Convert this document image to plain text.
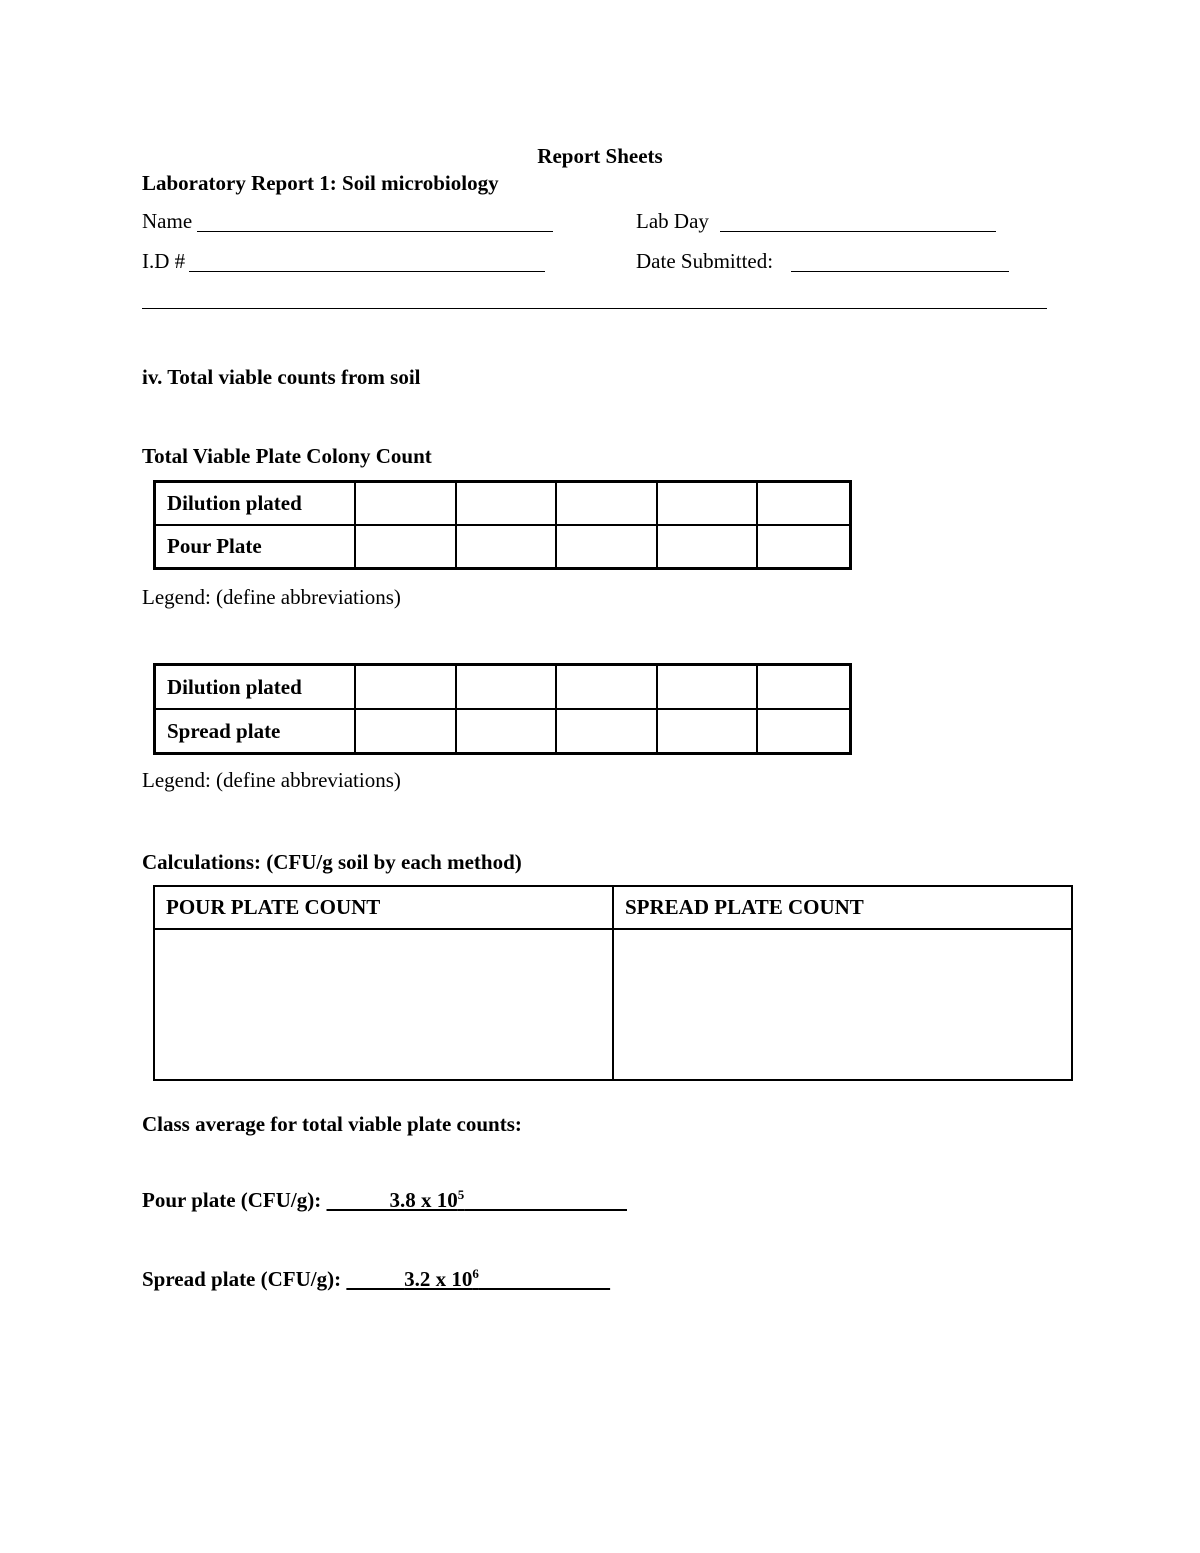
Report Sheets
Laboratory Report 1: Soil microbiology
Name	Lab Day
I.D #	Date Submitted:
iv. Total viable counts from soil
Total Viable Plate Colony Count
Dilution plated					
Pour Plate					
Legend: (define abbreviations)
Dilution plated					
Spread plate					
Legend: (define abbreviations)
Calculations: (CFU/g soil by each method)
POUR PLATE COUNT	SPREAD PLATE COUNT

Class average for total viable plate counts:
Pour plate (CFU/g):	3.8 x $10^5$
Spread plate (CFU/g):	3.2 x $10^6$
